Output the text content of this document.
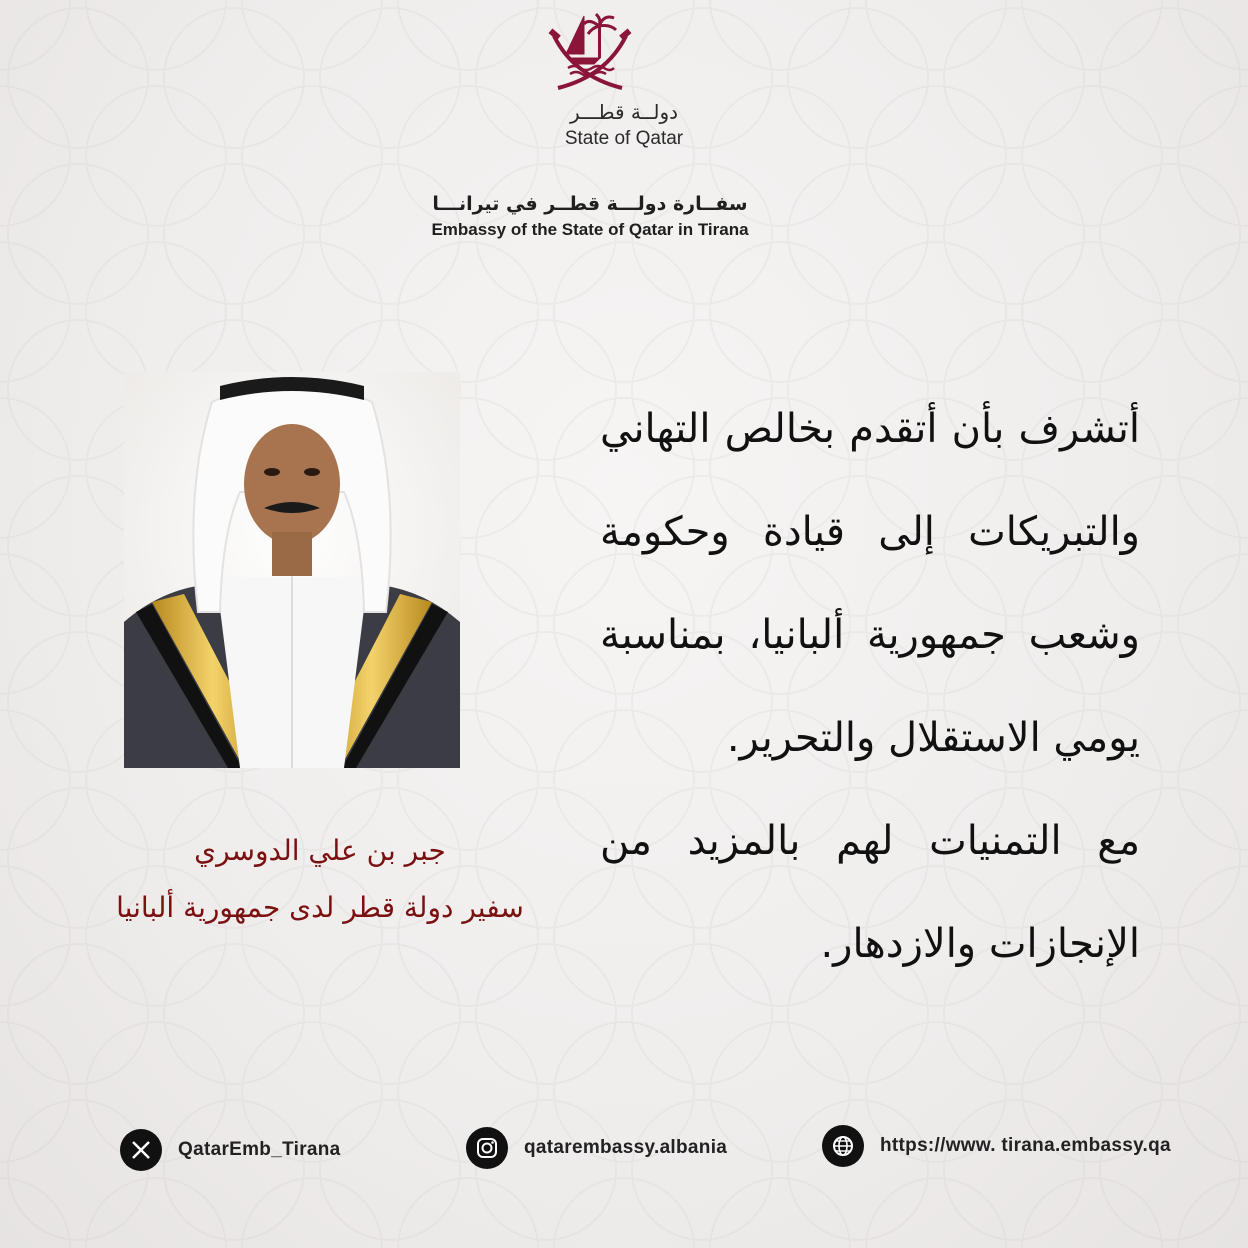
دولــة قطـــر
State of Qatar
سفــارة دولـــة قطــر في تيرانـــا
Embassy of the State of Qatar in Tirana

أتشرف بأن أتقدم بخالص التهاني والتبريكات إلى قيادة وحكومة وشعب جمهورية ألبانيا، بمناسبة يومي الاستقلال والتحرير.

مع التمنيات لهم بالمزيد من الإنجازات والازدهار.

جبر بن علي الدوسري
سفير دولة قطر لدى جمهورية ألبانيا
QatarEmb_Tirana	qatarembassy.albania	https://www. tirana.embassy.qa
